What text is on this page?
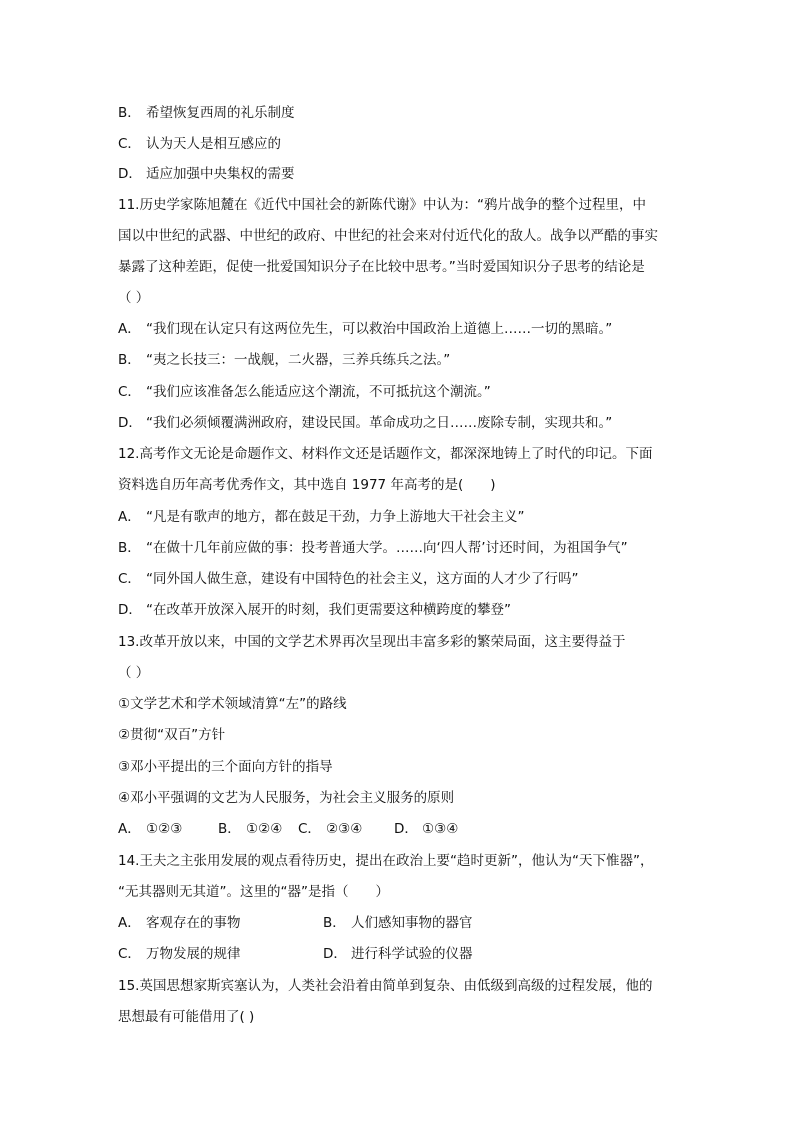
B． 希望恢复西周的礼乐制度
C． 认为天人是相互感应的
D． 适应加强中央集权的需要
11.历史学家陈旭麓在《近代中国社会的新陈代谢》中认为：“鸦片战争的整个过程里，中
国以中世纪的武器、中世纪的政府、中世纪的社会来对付近代化的敌人。战争以严酷的事实
暴露了这种差距，促使一批爱国知识分子在比较中思考。”当时爱国知识分子思考的结论是
（ ）
A． “我们现在认定只有这两位先生，可以救治中国政治上道德上……一切的黑暗。”
B． “夷之长技三：一战舰，二火器，三养兵练兵之法。”
C． “我们应该准备怎么能适应这个潮流，不可抵抗这个潮流。”
D． “我们必须倾覆满洲政府，建设民国。革命成功之日……废除专制，实现共和。”
12.高考作文无论是命题作文、材料作文还是话题作文，都深深地铸上了时代的印记。下面
资料选自历年高考优秀作文，其中选自 1977 年高考的是(　　)
A． “凡是有歌声的地方，都在鼓足干劲，力争上游地大干社会主义”
B． “在做十几年前应做的事：投考普通大学。……向‘四人帮’讨还时间，为祖国争气”
C． “同外国人做生意，建设有中国特色的社会主义，这方面的人才少了行吗”
D． “在改革开放深入展开的时刻，我们更需要这种横跨度的攀登”
13.改革开放以来，中国的文学艺术界再次呈现出丰富多彩的繁荣局面，这主要得益于
（ ）
①文学艺术和学术领域清算“左”的路线
②贯彻“双百”方针
③邓小平提出的三个面向方针的指导
④邓小平强调的文艺为人民服务，为社会主义服务的原则
A． ①②③	B． ①②④ C． ②③④ D． ①③④
14.王夫之主张用发展的观点看待历史，提出在政治上要“趋时更新”，他认为“天下惟器”，
“无其器则无其道”。这里的“器”是指（　　）
A． 客观存在的事物	B． 人们感知事物的器官
C． 万物发展的规律	D． 进行科学试验的仪器
15.英国思想家斯宾塞认为，人类社会沿着由简单到复杂、由低级到高级的过程发展，他的
思想最有可能借用了( )
